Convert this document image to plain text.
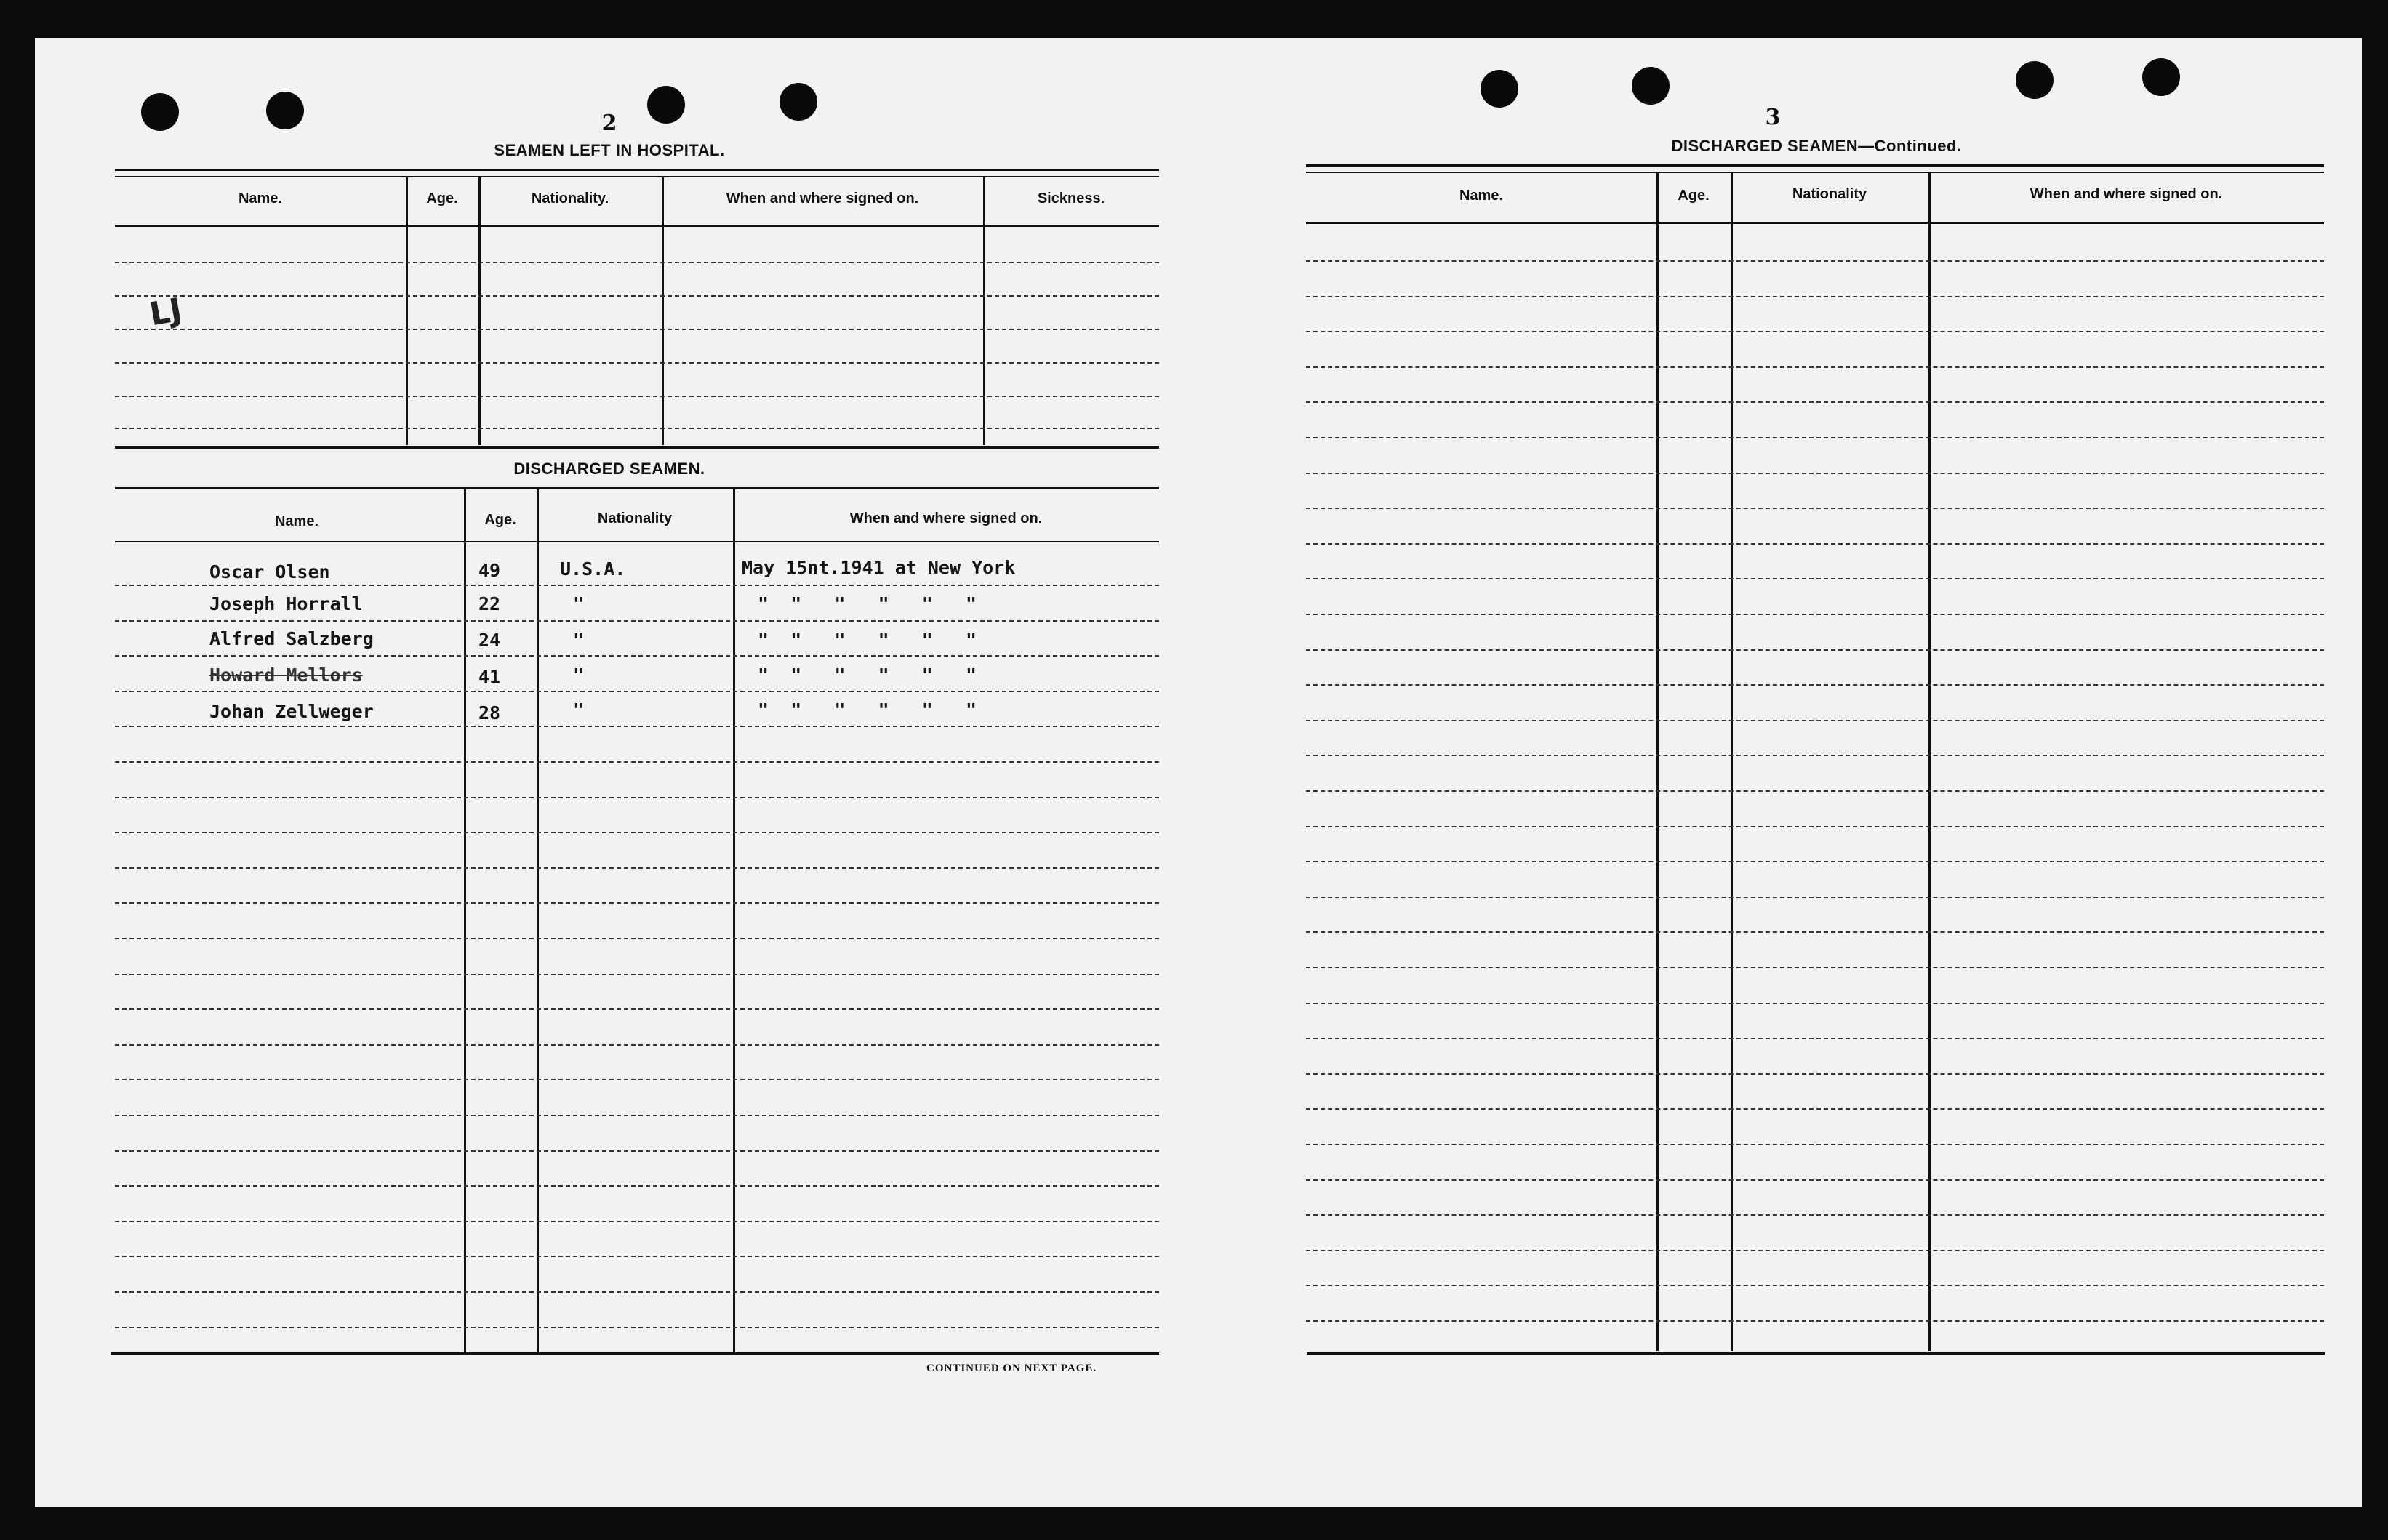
2
SEAMEN LEFT IN HOSPITAL.
Name.	Age.	Nationality.	When and where signed on.	Sickness.
ᒪJ
DISCHARGED SEAMEN.
Name.	Age.	Nationality	When and where signed on.
Oscar Olsen	49	U.S.A.	May 15nt.1941 at New York
Joseph Horrall	22	"	"  "   "   "   "   "
Alfred Salzberg	24	"	"  "   "   "   "   "
Howard Mellors	41	"	"  "   "   "   "   "
Johan Zellweger	28	"	"  "   "   "   "   "
CONTINUED ON NEXT PAGE.
3
DISCHARGED SEAMEN—Continued.
Name.	Age.	Nationality	When and where signed on.
